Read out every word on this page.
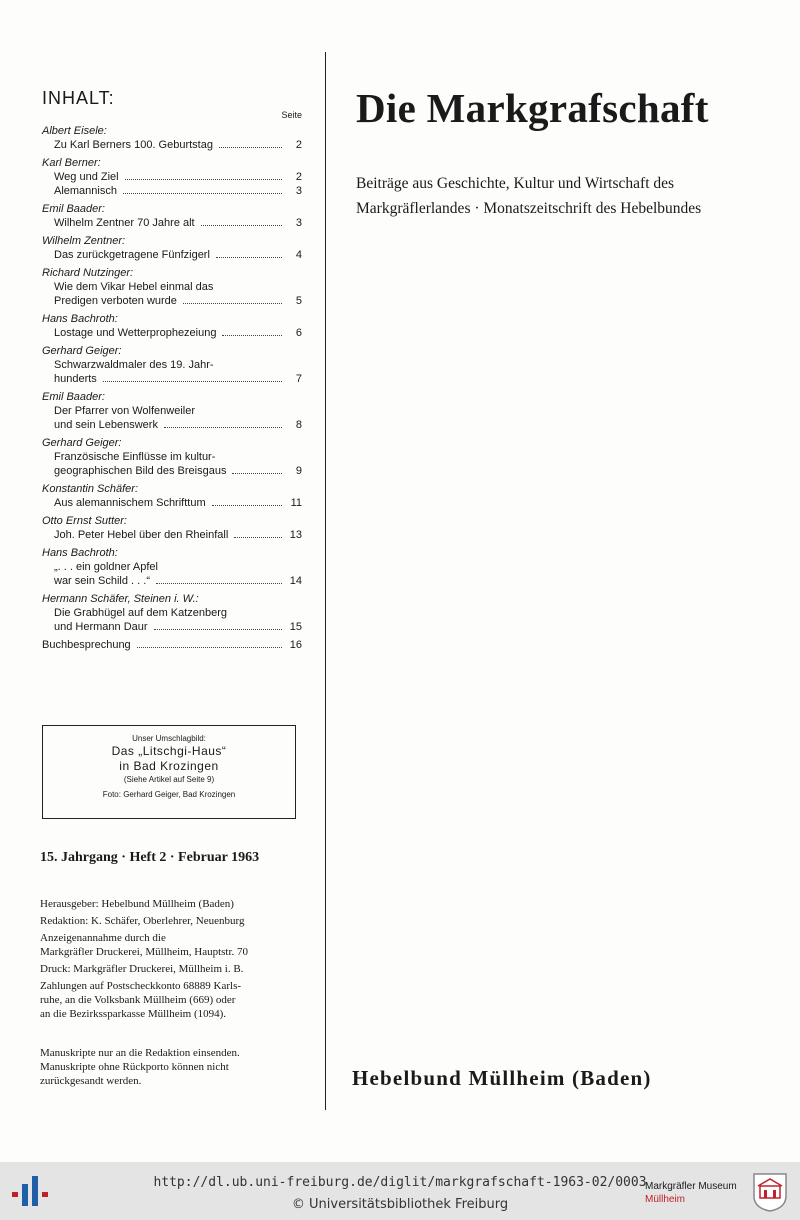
INHALT:
Seite
Albert Eisele:
Zu Karl Berners 100. Geburtstag	2
Karl Berner:
Weg und Ziel	2
Alemannisch	3
Emil Baader:
Wilhelm Zentner 70 Jahre alt	3
Wilhelm Zentner:
Das zurückgetragene Fünfzigerl	4
Richard Nutzinger:
Wie dem Vikar Hebel einmal das
Predigen verboten wurde	5
Hans Bachroth:
Lostage und Wetterprophezeiung	6
Gerhard Geiger:
Schwarzwaldmaler des 19. Jahr-
hunderts	7
Emil Baader:
Der Pfarrer von Wolfenweiler
und sein Lebenswerk	8
Gerhard Geiger:
Französische Einflüsse im kultur-
geographischen Bild des Breisgaus	9
Konstantin Schäfer:
Aus alemannischem Schrifttum	11
Otto Ernst Sutter:
Joh. Peter Hebel über den Rheinfall	13
Hans Bachroth:
„. . . ein goldner Apfel
war sein Schild . . .“	14
Hermann Schäfer, Steinen i. W.:
Die Grabhügel auf dem Katzenberg
und Hermann Daur	15
Buchbesprechung	16
Unser Umschlagbild:
Das „Litschgi-Haus“
in Bad Krozingen
(Siehe Artikel auf Seite 9)
Foto: Gerhard Geiger, Bad Krozingen
15. Jahrgang · Heft 2 · Februar 1963

Herausgeber: Hebelbund Müllheim (Baden)

Redaktion: K. Schäfer, Oberlehrer, Neuenburg

Anzeigenannahme durch die
Markgräfler Druckerei, Müllheim, Hauptstr. 70

Druck: Markgräfler Druckerei, Müllheim i. B.

Zahlungen auf Postscheckkonto 68889 Karls-
ruhe, an die Volksbank Müllheim (669) oder
an die Bezirkssparkasse Müllheim (1094).

Manuskripte nur an die Redaktion einsenden.

Manuskripte ohne Rückporto können nicht

zurückgesandt werden.

Die Markgrafschaft
Beiträge aus Geschichte, Kultur und Wirtschaft des
Markgräflerlandes · Monatszeitschrift des Hebelbundes
Hebelbund Müllheim (Baden)
http://dl.ub.uni-freiburg.de/diglit/markgrafschaft-1963-02/0003
© Universitätsbibliothek Freiburg
Markgräfler Museum
Müllheim
